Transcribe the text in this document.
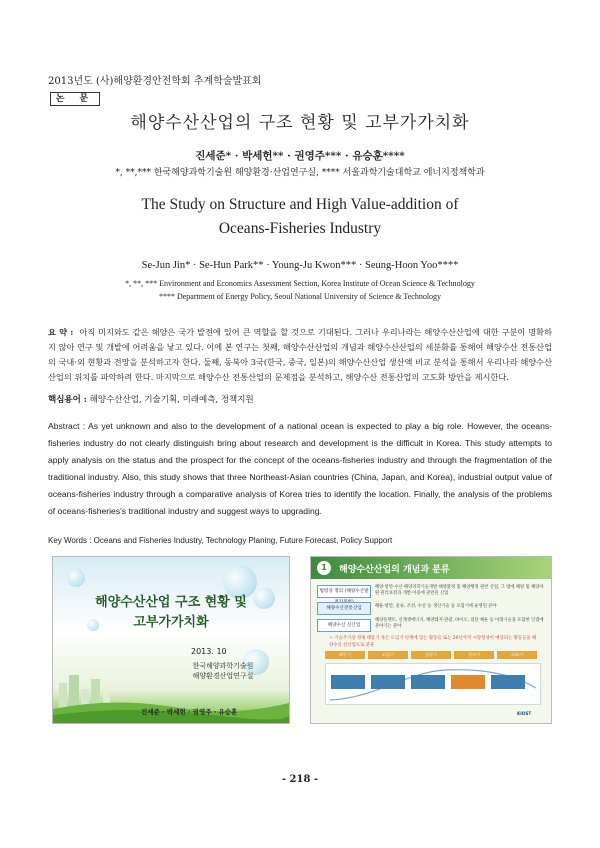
2013년도 (사)해양환경안전학회 추계학술발표회
논 문
해양수산산업의 구조 현황 및 고부가가치화
진세준* · 박세헌** · 권영주*** · 유승훈****
*, **,*** 한국해양과학기술원 해양환경·산업연구실, **** 서울과학기술대학교 에너지정책학과
The Study on Structure and High Value-addition of
Oceans-Fisheries Industry
Se-Jun Jin* · Se-Hun Park** · Young-Ju Kwon*** · Seung-Hoon Yoo****
*, **, *** Environment and Economics Assessment Section, Korea Institute of Ocean Science & Technology
**** Department of Energy Policy, Seoul National University of Science & Technology
요 약 : 아직 미지와도 같은 해양은 국가 발전에 있어 큰 역할을 할 것으로 기대된다. 그러나 우리나라는 해양수산산업에 대한 구분이 명확하지 않아 연구 및 개발에 어려움을 낳고 있다. 이에 본 연구는 첫째, 해양수산산업의 개념과 해양수산산업의 세분화를 통해여 해양수산 전통산업의 국내·외 현황과 전망을 분석하고자 한다. 둘째, 동북아 3국(한국, 중국, 일본)의 해양수산산업 생산액 비교 분석을 통해서 우리나라 해양수산산업의 위치를 파악하려 한다. 마지막으로 해양수산 전통산업의 문제점을 분석하고, 해양수산 전통산업의 고도화 방안을 제시한다.
핵심용어 : 해양수산산업, 기술기획, 미래예측, 정책지원
Abstract : As yet unknown and also to the development of a national ocean is expected to play a big role. However, the oceans-fisheries industry do not clearly distinguish bring about research and development is the difficult in Korea. This study attempts to apply analysis on the status and the prospect for the concept of the oceans-fisheries industry and through the fragmentation of the traditional industry. Also, this study shows that three Northeast-Asian countries (China, Japan, and Korea), industrial output value of oceans-fisheries industry through a comparative analysis of Korea tries to identify the location. Finally, the analysis of the problems of oceans-fisheries's traditional industry and suggest ways to upgrading.
Key Words : Oceans and Fisheries Industry, Technology Planing, Future Forecast, Policy Support
해양수산산업 구조 현황 및
고부가가치화
2013. 10
한국해양과학기술원
해양환경산업연구실
진세준 · 박세헌 · 권영주 · 유승훈
1	해양수산산업의 개념과 분류
법령상 정의 (해양수산발
해양·항만·수산·해양과학기술개발·해양환경 및 해양행정 관련 산업, 그 밖에 해양 및 해양자원 관리보전과 개발·이용에 관련된 산업
해양수산전통산업	해운·항만, 물류, 조선, 수산 등 생산기술 등 포함기에 운영된 분야
해양수산 신산업
해양플랜트, 신재생에너지, 해양레저·관광, 바이오, 첨단 해운 등 미래기술을 포함한 인접에 분야기는 분야
☞ 기술주기상 경제 태동기 혹은 도입기 단계에 있는 활동들 또는 20년까지 시장형성이 예상되는 활동들을 해양수산 신산업으로 분류
태동기	도입기	성장기	성숙기	쇠퇴기
KIOST
- 218 -
